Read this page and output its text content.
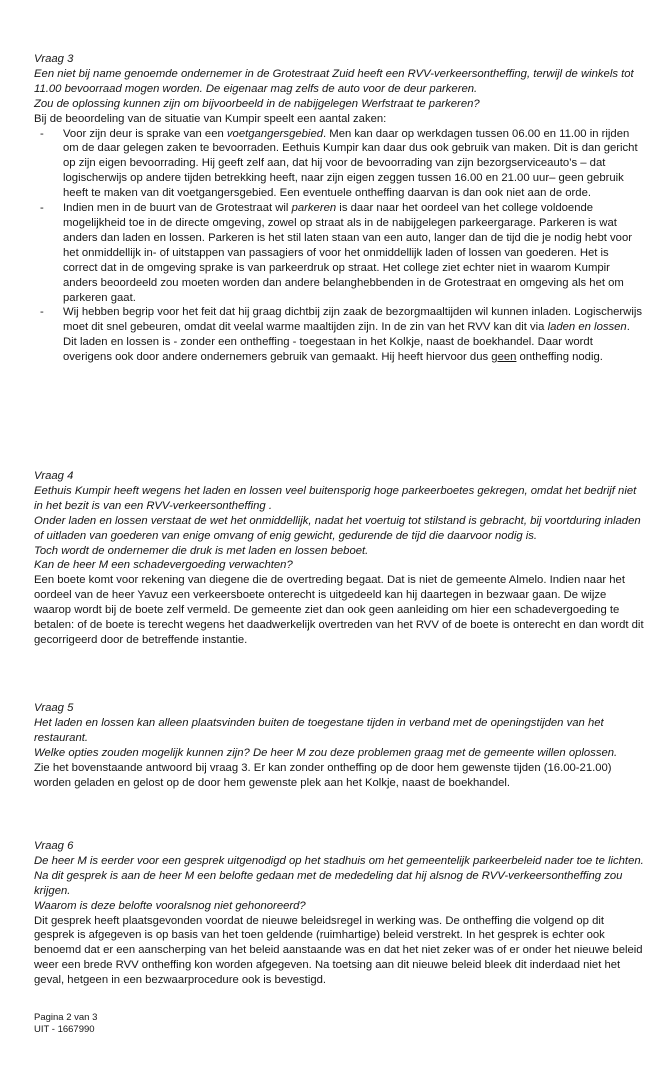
Vraag 3

Een niet bij name genoemde ondernemer in de Grotestraat Zuid heeft een RVV-verkeersontheffing, terwijl de winkels tot 11.00 bevoorraad mogen worden. De eigenaar mag zelfs de auto voor de deur parkeren.

Zou de oplossing kunnen zijn om bijvoorbeeld in de nabijgelegen Werfstraat te parkeren?

Bij de beoordeling van de situatie van Kumpir speelt een aantal zaken:

- Voor zijn deur is sprake van een voetgangersgebied. Men kan daar op werkdagen tussen 06.00 en 11.00 in rijden om de daar gelegen zaken te bevoorraden. Eethuis Kumpir kan daar dus ook gebruik van maken. Dit is dan gericht op zijn eigen bevoorrading. Hij geeft zelf aan, dat hij voor de bevoorrading van zijn bezorgserviceauto’s – dat logischerwijs op andere tijden betrekking heeft, naar zijn eigen zeggen tussen 16.00 en 21.00 uur– geen gebruik heeft te maken van dit voetgangersgebied. Een eventuele ontheffing daarvan is dan ook niet aan de orde.
- Indien men in de buurt van de Grotestraat wil parkeren is daar naar het oordeel van het college voldoende mogelijkheid toe in de directe omgeving, zowel op straat als in de nabijgelegen parkeergarage. Parkeren is wat anders dan laden en lossen. Parkeren is het stil laten staan van een auto, langer dan de tijd die je nodig hebt voor het onmiddellijk in- of uitstappen van passagiers of voor het onmiddellijk laden of lossen van goederen. Het is correct dat in de omgeving sprake is van parkeerdruk op straat. Het college ziet echter niet in waarom Kumpir anders beoordeeld zou moeten worden dan andere belanghebbenden in de Grotestraat en omgeving als het om parkeren gaat.
- Wij hebben begrip voor het feit dat hij graag dichtbij zijn zaak de bezorgmaaltijden wil kunnen inladen. Logischerwijs moet dit snel gebeuren, omdat dit veelal warme maaltijden zijn. In de zin van het RVV kan dit via laden en lossen. Dit laden en lossen is - zonder een ontheffing - toegestaan in het Kolkje, naast de boekhandel. Daar wordt overigens ook door andere ondernemers gebruik van gemaakt. Hij heeft hiervoor dus geen ontheffing nodig.

Vraag 4

Eethuis Kumpir heeft wegens het laden en lossen veel buitensporig hoge parkeerboetes gekregen, omdat het bedrijf niet in het bezit is van een RVV-verkeersontheffing .

Onder laden en lossen verstaat de wet het onmiddellijk, nadat het voertuig tot stilstand is gebracht, bij voortduring inladen of uitladen van goederen van enige omvang of enig gewicht, gedurende de tijd die daarvoor nodig is.

Toch wordt de ondernemer die druk is met laden en lossen beboet.

Kan de heer M een schadevergoeding verwachten?

Een boete komt voor rekening van diegene die de overtreding begaat. Dat is niet de gemeente Almelo. Indien naar het oordeel van de heer Yavuz een verkeersboete onterecht is uitgedeeld kan hij daartegen in bezwaar gaan. De wijze waarop wordt bij de boete zelf vermeld. De gemeente ziet dan ook geen aanleiding om hier een schadevergoeding te betalen: of de boete is terecht wegens het daadwerkelijk overtreden van het RVV of de boete is onterecht en dan wordt dit gecorrigeerd door de betreffende instantie.

Vraag 5

Het laden en lossen kan alleen plaatsvinden buiten de toegestane tijden in verband met de openingstijden van het restaurant.

Welke opties zouden mogelijk kunnen zijn? De heer M zou deze problemen graag met de gemeente willen oplossen.

Zie het bovenstaande antwoord bij vraag 3. Er kan zonder ontheffing op de door hem gewenste tijden (16.00-21.00) worden geladen en gelost op de door hem gewenste plek aan het Kolkje, naast de boekhandel.

Vraag 6

De heer M is eerder voor een gesprek uitgenodigd op het stadhuis om het gemeentelijk parkeerbeleid nader toe te lichten. Na dit gesprek is aan de heer M een belofte gedaan met de mededeling dat hij alsnog de RVV-verkeersontheffing zou krijgen.

Waarom is deze belofte vooralsnog niet gehonoreerd?

Dit gesprek heeft plaatsgevonden voordat de nieuwe beleidsregel in werking was. De ontheffing die volgend op dit gesprek is afgegeven is op basis van het toen geldende (ruimhartige) beleid verstrekt. In het gesprek is echter ook benoemd dat er een aanscherping van het beleid aanstaande was en dat het niet zeker was of er onder het nieuwe beleid weer een brede RVV ontheffing kon worden afgegeven. Na toetsing aan dit nieuwe beleid bleek dit inderdaad niet het geval, hetgeen in een bezwaarprocedure ook is bevestigd.

Pagina 2 van 3
UIT - 1667990
